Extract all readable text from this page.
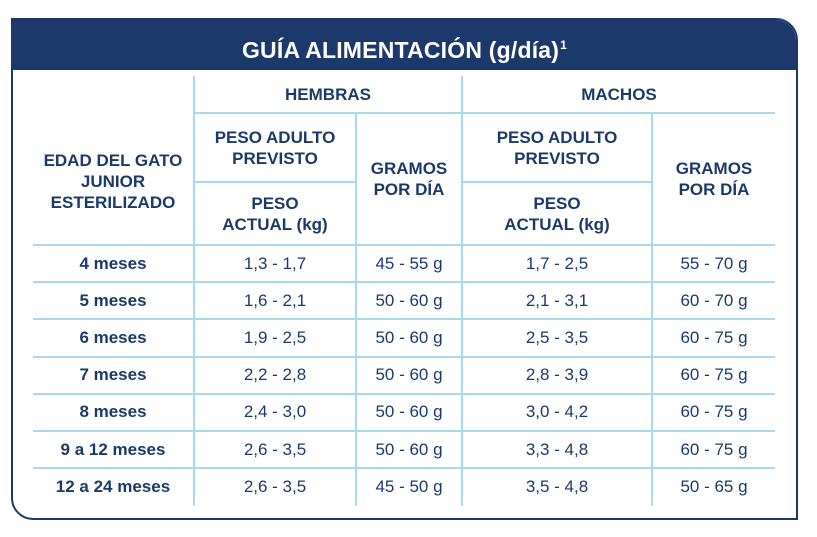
GUÍA ALIMENTACIÓN (g/día)$^1$
EDAD DEL GATO JUNIOR ESTERILIZADO
HEMBRAS	MACHOS
PESO ADULTO PREVISTO
PESO ACTUAL (kg)
GRAMOS POR DÍA
PESO ADULTO PREVISTO
PESO ACTUAL (kg)
GRAMOS POR DÍA
4 meses	1,3 - 1,7	45 - 55 g	1,7 - 2,5	55 - 70 g
5 meses	1,6 - 2,1	50 - 60 g	2,1 - 3,1	60 - 70 g
6 meses	1,9 - 2,5	50 - 60 g	2,5 - 3,5	60 - 75 g
7 meses	2,2 - 2,8	50 - 60 g	2,8 - 3,9	60 - 75 g
8 meses	2,4 - 3,0	50 - 60 g	3,0 - 4,2	60 - 75 g
9 a 12 meses	2,6 - 3,5	50 - 60 g	3,3 - 4,8	60 - 75 g
12 a 24 meses	2,6 - 3,5	45 - 50 g	3,5 - 4,8	50 - 65 g
